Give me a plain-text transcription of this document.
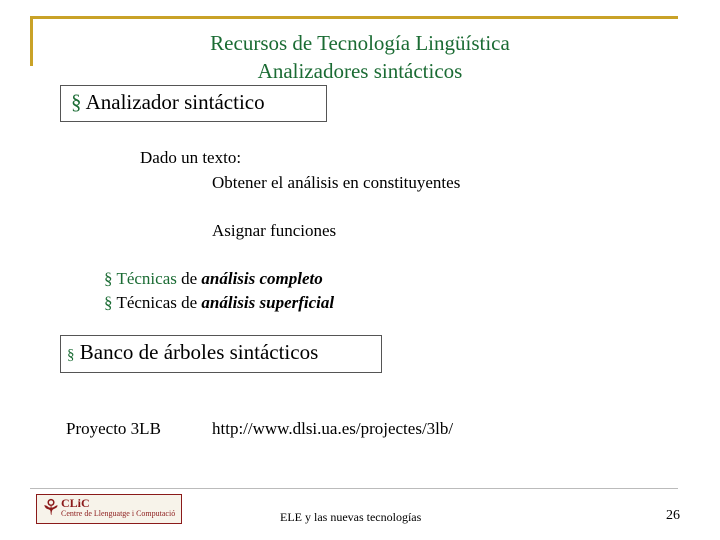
Recursos de Tecnología Lingüística
Analizadores sintácticos
§ Analizador sintáctico
Dado un texto:
Obtener el análisis en constituyentes
Asignar funciones
§ Técnicas de análisis completo
§ Técnicas de análisis superficial
§ Banco de árboles sintácticos
Proyecto 3LB	http://www.dlsi.ua.es/projectes/3lb/
⚘ CLiC
Centre de Llenguatge i Computació	ELE y las nuevas tecnologías	26
